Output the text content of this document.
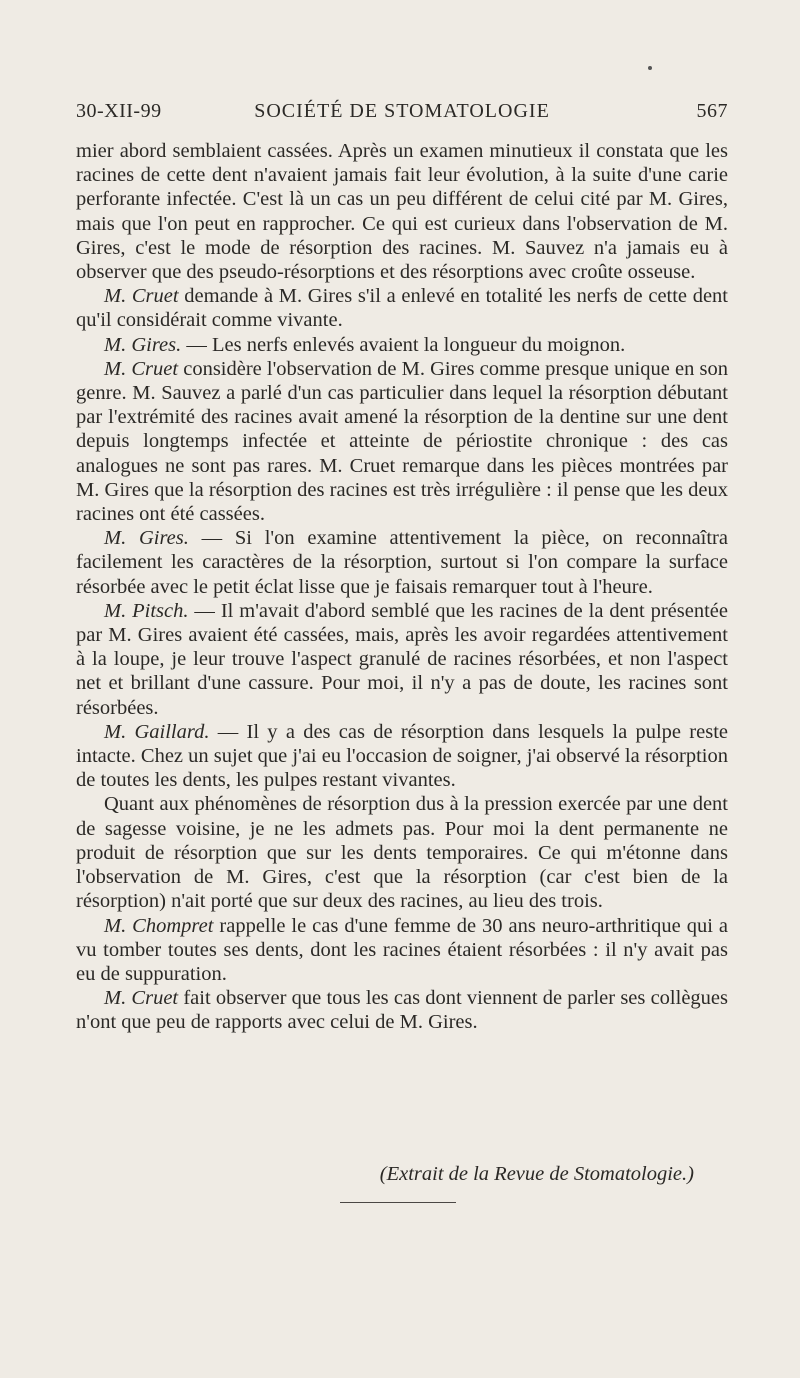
30-XII-99	SOCIÉTÉ DE STOMATOLOGIE	567

mier abord semblaient cassées. Après un examen minutieux il constata que les racines de cette dent n'avaient jamais fait leur évolution, à la suite d'une carie perforante infectée. C'est là un cas un peu différent de celui cité par M. Gires, mais que l'on peut en rapprocher. Ce qui est curieux dans l'observation de M. Gires, c'est le mode de résorption des racines. M. Sauvez n'a jamais eu à observer que des pseudo-résorptions et des résorptions avec croûte osseuse.

M. Cruet demande à M. Gires s'il a enlevé en totalité les nerfs de cette dent qu'il considérait comme vivante.

M. Gires. — Les nerfs enlevés avaient la longueur du moignon.

M. Cruet considère l'observation de M. Gires comme presque unique en son genre. M. Sauvez a parlé d'un cas particulier dans lequel la résorption débutant par l'extrémité des racines avait amené la résorption de la dentine sur une dent depuis longtemps infectée et atteinte de périostite chronique : des cas analogues ne sont pas rares. M. Cruet remarque dans les pièces montrées par M. Gires que la résorption des racines est très irrégulière : il pense que les deux racines ont été cassées.

M. Gires. — Si l'on examine attentivement la pièce, on reconnaîtra facilement les caractères de la résorption, surtout si l'on compare la surface résorbée avec le petit éclat lisse que je faisais remarquer tout à l'heure.

M. Pitsch. — Il m'avait d'abord semblé que les racines de la dent présentée par M. Gires avaient été cassées, mais, après les avoir regardées attentivement à la loupe, je leur trouve l'aspect granulé de racines résorbées, et non l'aspect net et brillant d'une cassure. Pour moi, il n'y a pas de doute, les racines sont résorbées.

M. Gaillard. — Il y a des cas de résorption dans lesquels la pulpe reste intacte. Chez un sujet que j'ai eu l'occasion de soigner, j'ai observé la résorption de toutes les dents, les pulpes restant vivantes.

Quant aux phénomènes de résorption dus à la pression exercée par une dent de sagesse voisine, je ne les admets pas. Pour moi la dent permanente ne produit de résorption que sur les dents temporaires. Ce qui m'étonne dans l'observation de M. Gires, c'est que la résorption (car c'est bien de la résorption) n'ait porté que sur deux des racines, au lieu des trois.

M. Chompret rappelle le cas d'une femme de 30 ans neuro-arthritique qui a vu tomber toutes ses dents, dont les racines étaient résorbées : il n'y avait pas eu de suppuration.

M. Cruet fait observer que tous les cas dont viennent de parler ses collègues n'ont que peu de rapports avec celui de M. Gires.

(Extrait de la Revue de Stomatologie.)
